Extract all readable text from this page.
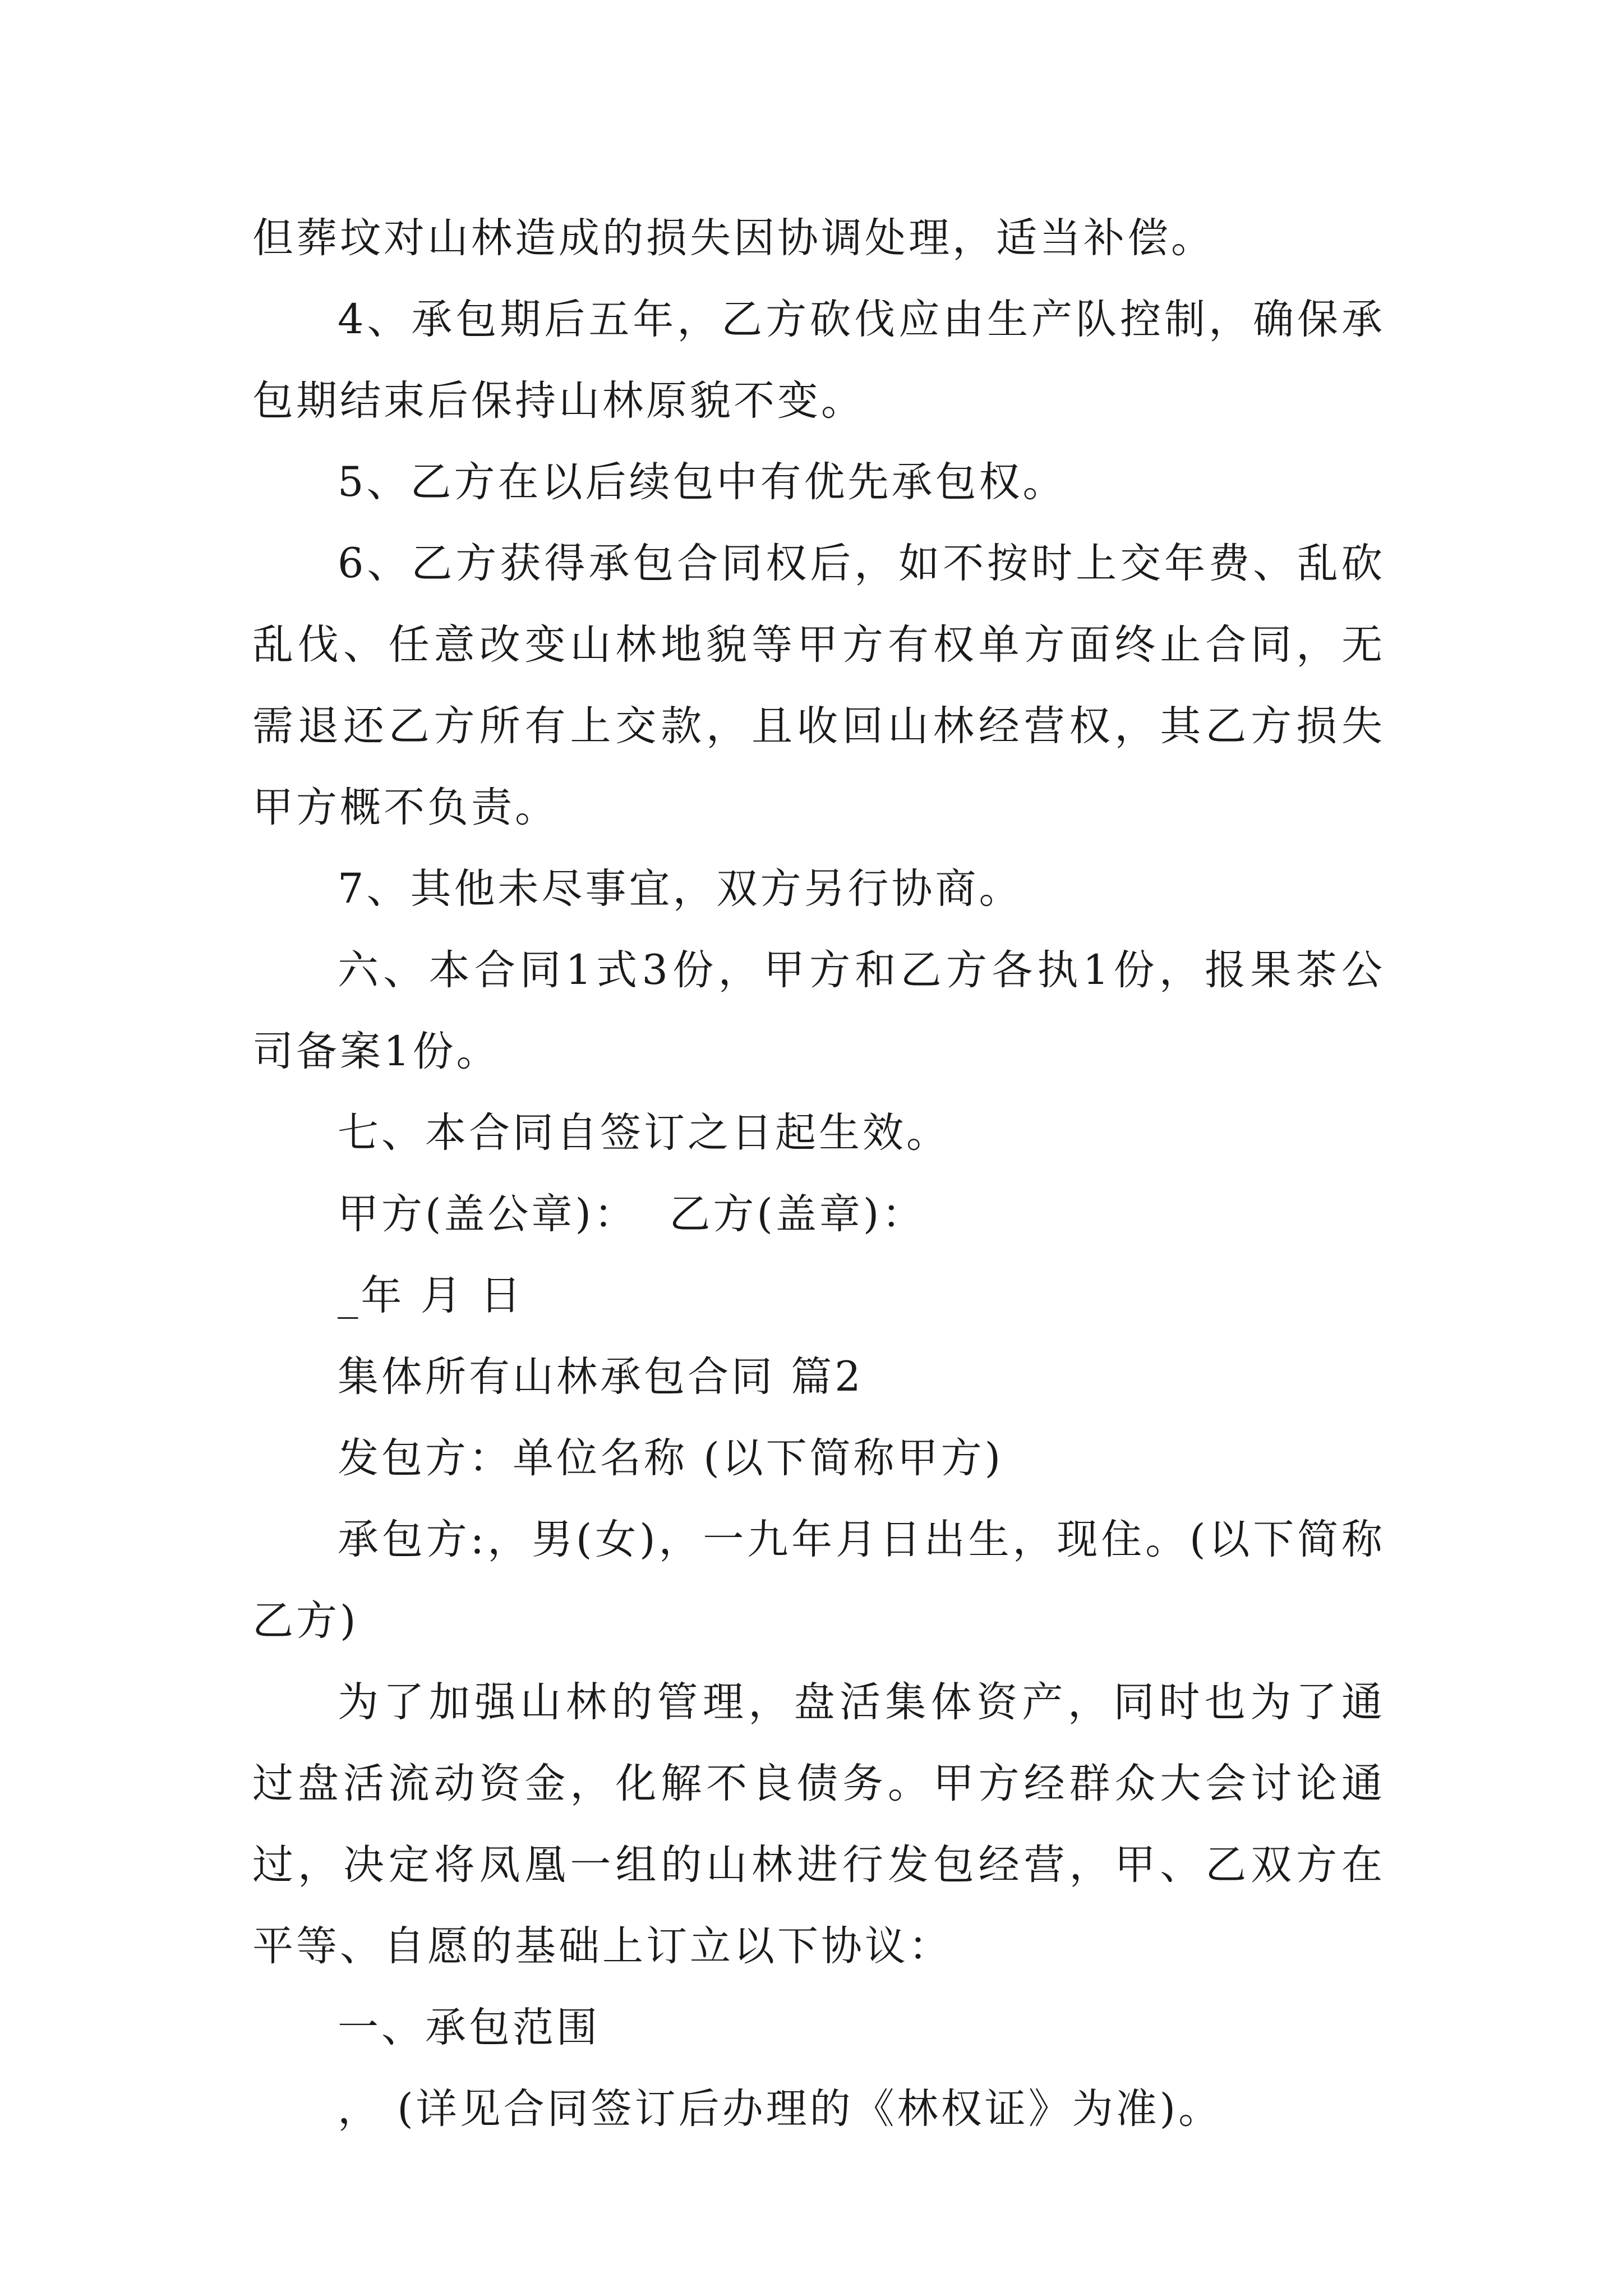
但葬坟对山林造成的损失因协调处理，适当补偿。

4、承包期后五年，乙方砍伐应由生产队控制，确保承包期结束后保持山林原貌不变。

5、乙方在以后续包中有优先承包权。

6、乙方获得承包合同权后，如不按时上交年费、乱砍乱伐、任意改变山林地貌等甲方有权单方面终止合同，无需退还乙方所有上交款，且收回山林经营权，其乙方损失甲方概不负责。

7、其他未尽事宜，双方另行协商。

六、本合同1式3份，甲方和乙方各执1份，报果茶公司备案1份。

七、本合同自签订之日起生效。

甲方(盖公章)：  乙方(盖章)：

_年 月 日

集体所有山林承包合同 篇2

发包方：单位名称 (以下简称甲方)

承包方:，男(女)，一九年月日出生，现住。(以下简称乙方)

为了加强山林的管理，盘活集体资产，同时也为了通过盘活流动资金，化解不良债务。甲方经群众大会讨论通过，决定将凤凰一组的山林进行发包经营，甲、乙双方在平等、自愿的基础上订立以下协议：

一、承包范围

， (详见合同签订后办理的《林权证》为准)。
